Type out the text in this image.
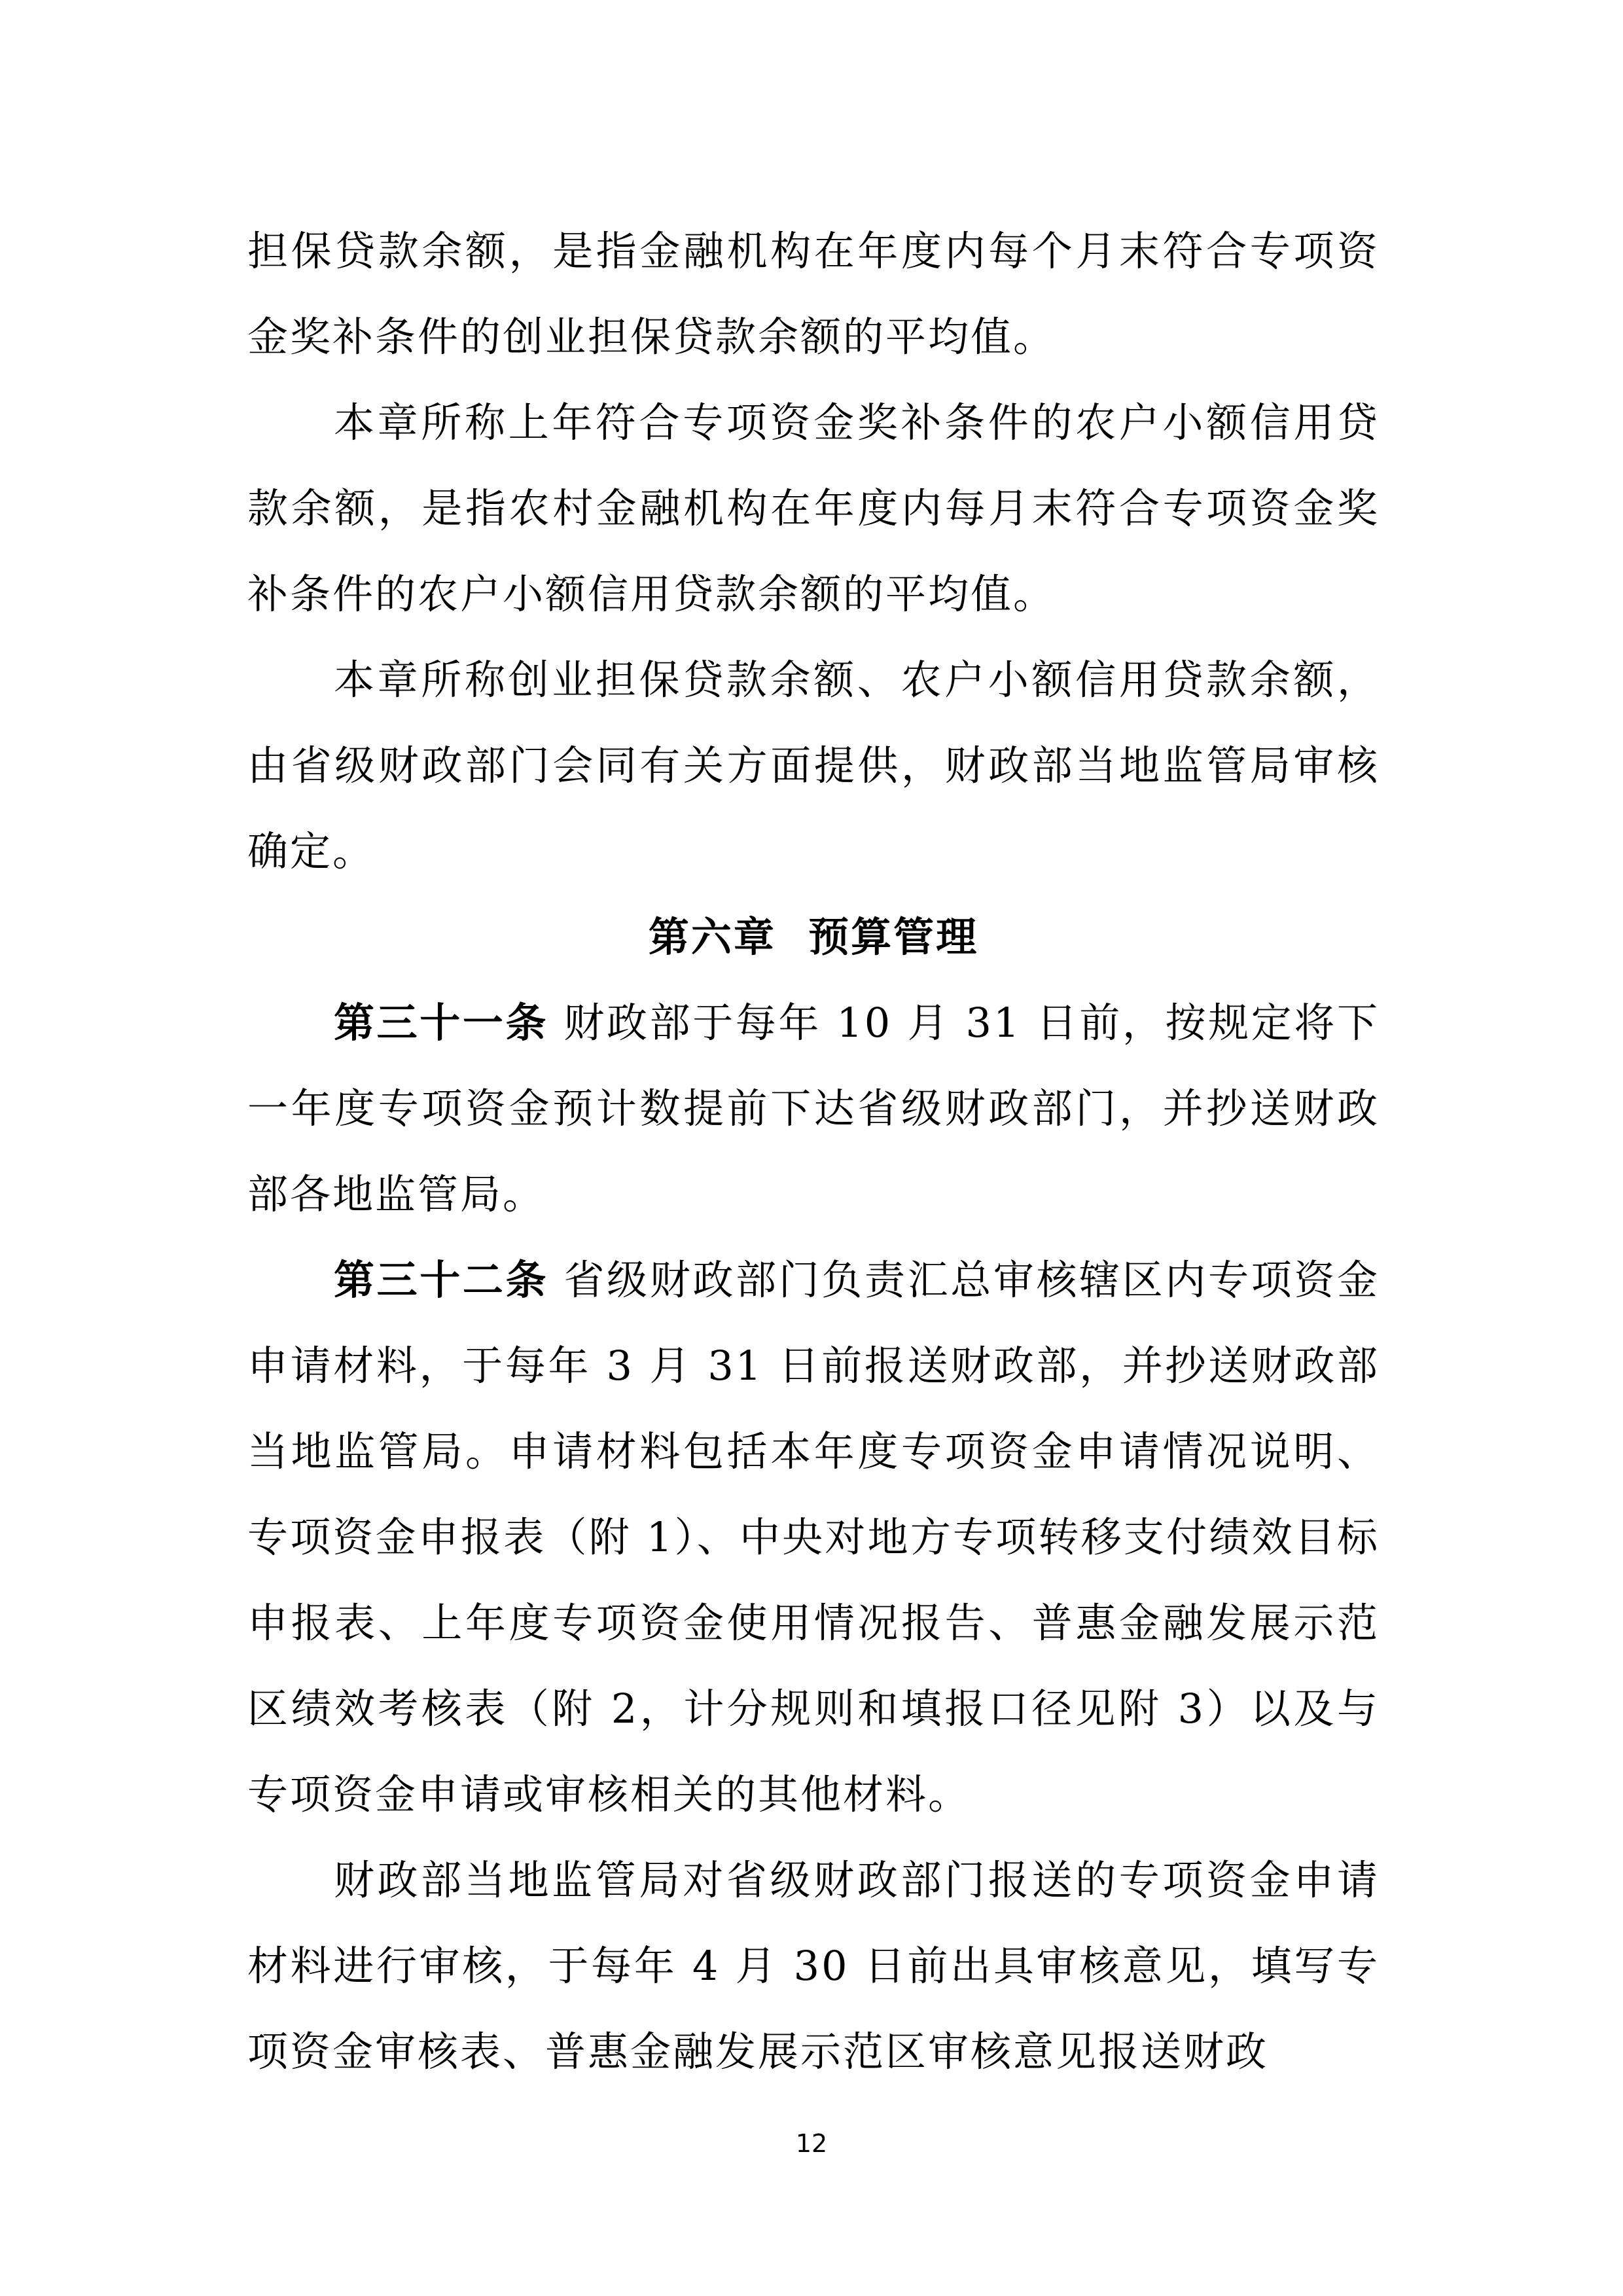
担保贷款余额，是指金融机构在年度内每个月末符合专项资金奖补条件的创业担保贷款余额的平均值。

本章所称上年符合专项资金奖补条件的农户小额信用贷款余额，是指农村金融机构在年度内每月末符合专项资金奖补条件的农户小额信用贷款余额的平均值。

本章所称创业担保贷款余额、农户小额信用贷款余额，由省级财政部门会同有关方面提供，财政部当地监管局审核确定。

第六章  预算管理

第三十一条 财政部于每年 10 月 31 日前，按规定将下一年度专项资金预计数提前下达省级财政部门，并抄送财政部各地监管局。

第三十二条 省级财政部门负责汇总审核辖区内专项资金申请材料，于每年 3 月 31 日前报送财政部，并抄送财政部当地监管局。申请材料包括本年度专项资金申请情况说明、专项资金申报表（附 1）、中央对地方专项转移支付绩效目标申报表、上年度专项资金使用情况报告、普惠金融发展示范区绩效考核表（附 2，计分规则和填报口径见附 3）以及与专项资金申请或审核相关的其他材料。

财政部当地监管局对省级财政部门报送的专项资金申请材料进行审核，于每年 4 月 30 日前出具审核意见，填写专项资金审核表、普惠金融发展示范区审核意见报送财政

12
